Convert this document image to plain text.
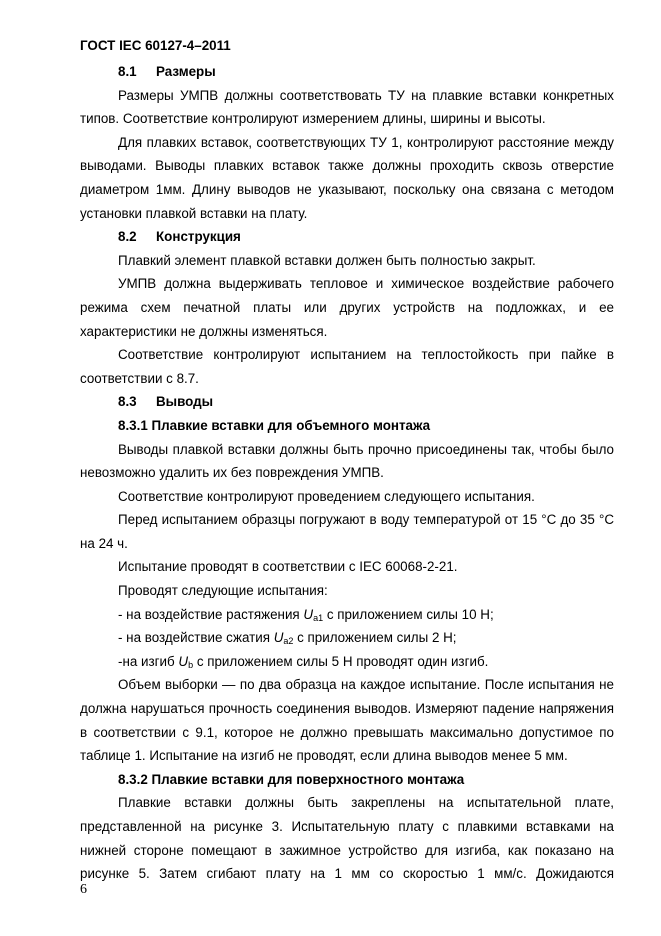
ГОСТ IEC 60127-4–2011

8.1 Размеры

Размеры УМПВ должны соответствовать ТУ на плавкие вставки конкретных типов. Соответствие контролируют измерением длины, ширины и высоты.

Для плавких вставок, соответствующих ТУ 1, контролируют расстояние между выводами. Выводы плавких вставок также должны проходить сквозь отверстие диаметром 1мм. Длину выводов не указывают, поскольку она связана с методом установки плавкой вставки на плату.

8.2 Конструкция

Плавкий элемент плавкой вставки должен быть полностью закрыт.

УМПВ должна выдерживать тепловое и химическое воздействие рабочего режима схем печатной платы или других устройств на подложках, и ее характеристики не должны изменяться.

Соответствие контролируют испытанием на теплостойкость при пайке в соответствии с 8.7.

8.3 Выводы

8.3.1 Плавкие вставки для объемного монтажа

Выводы плавкой вставки должны быть прочно присоединены так, чтобы было невозможно удалить их без повреждения УМПВ.

Соответствие контролируют проведением следующего испытания.

Перед испытанием образцы погружают в воду температурой от 15 °С до 35 °С на 24 ч.

Испытание проводят в соответствии с IEC 60068-2-21.

Проводят следующие испытания:

- на воздействие растяжения $U_{a1}$ с приложением силы 10 Н;

- на воздействие сжатия $U_{a2}$ с приложением силы 2 Н;

-на изгиб $U_b$ с приложением силы 5 Н проводят один изгиб.

Объем выборки — по два образца на каждое испытание. После испытания не должна нарушаться прочность соединения выводов. Измеряют падение напряжения в соответствии с 9.1, которое не должно превышать максимально допустимое по таблице 1. Испытание на изгиб не проводят, если длина выводов менее 5 мм.

8.3.2 Плавкие вставки для поверхностного монтажа

Плавкие вставки должны быть закреплены на испытательной плате, представленной на рисунке 3. Испытательную плату с плавкими вставками на нижней стороне помещают в зажимное устройство для изгиба, как показано на рисунке 5. Затем сгибают плату на 1 мм со скоростью 1 мм/с. Дожидаются

6
